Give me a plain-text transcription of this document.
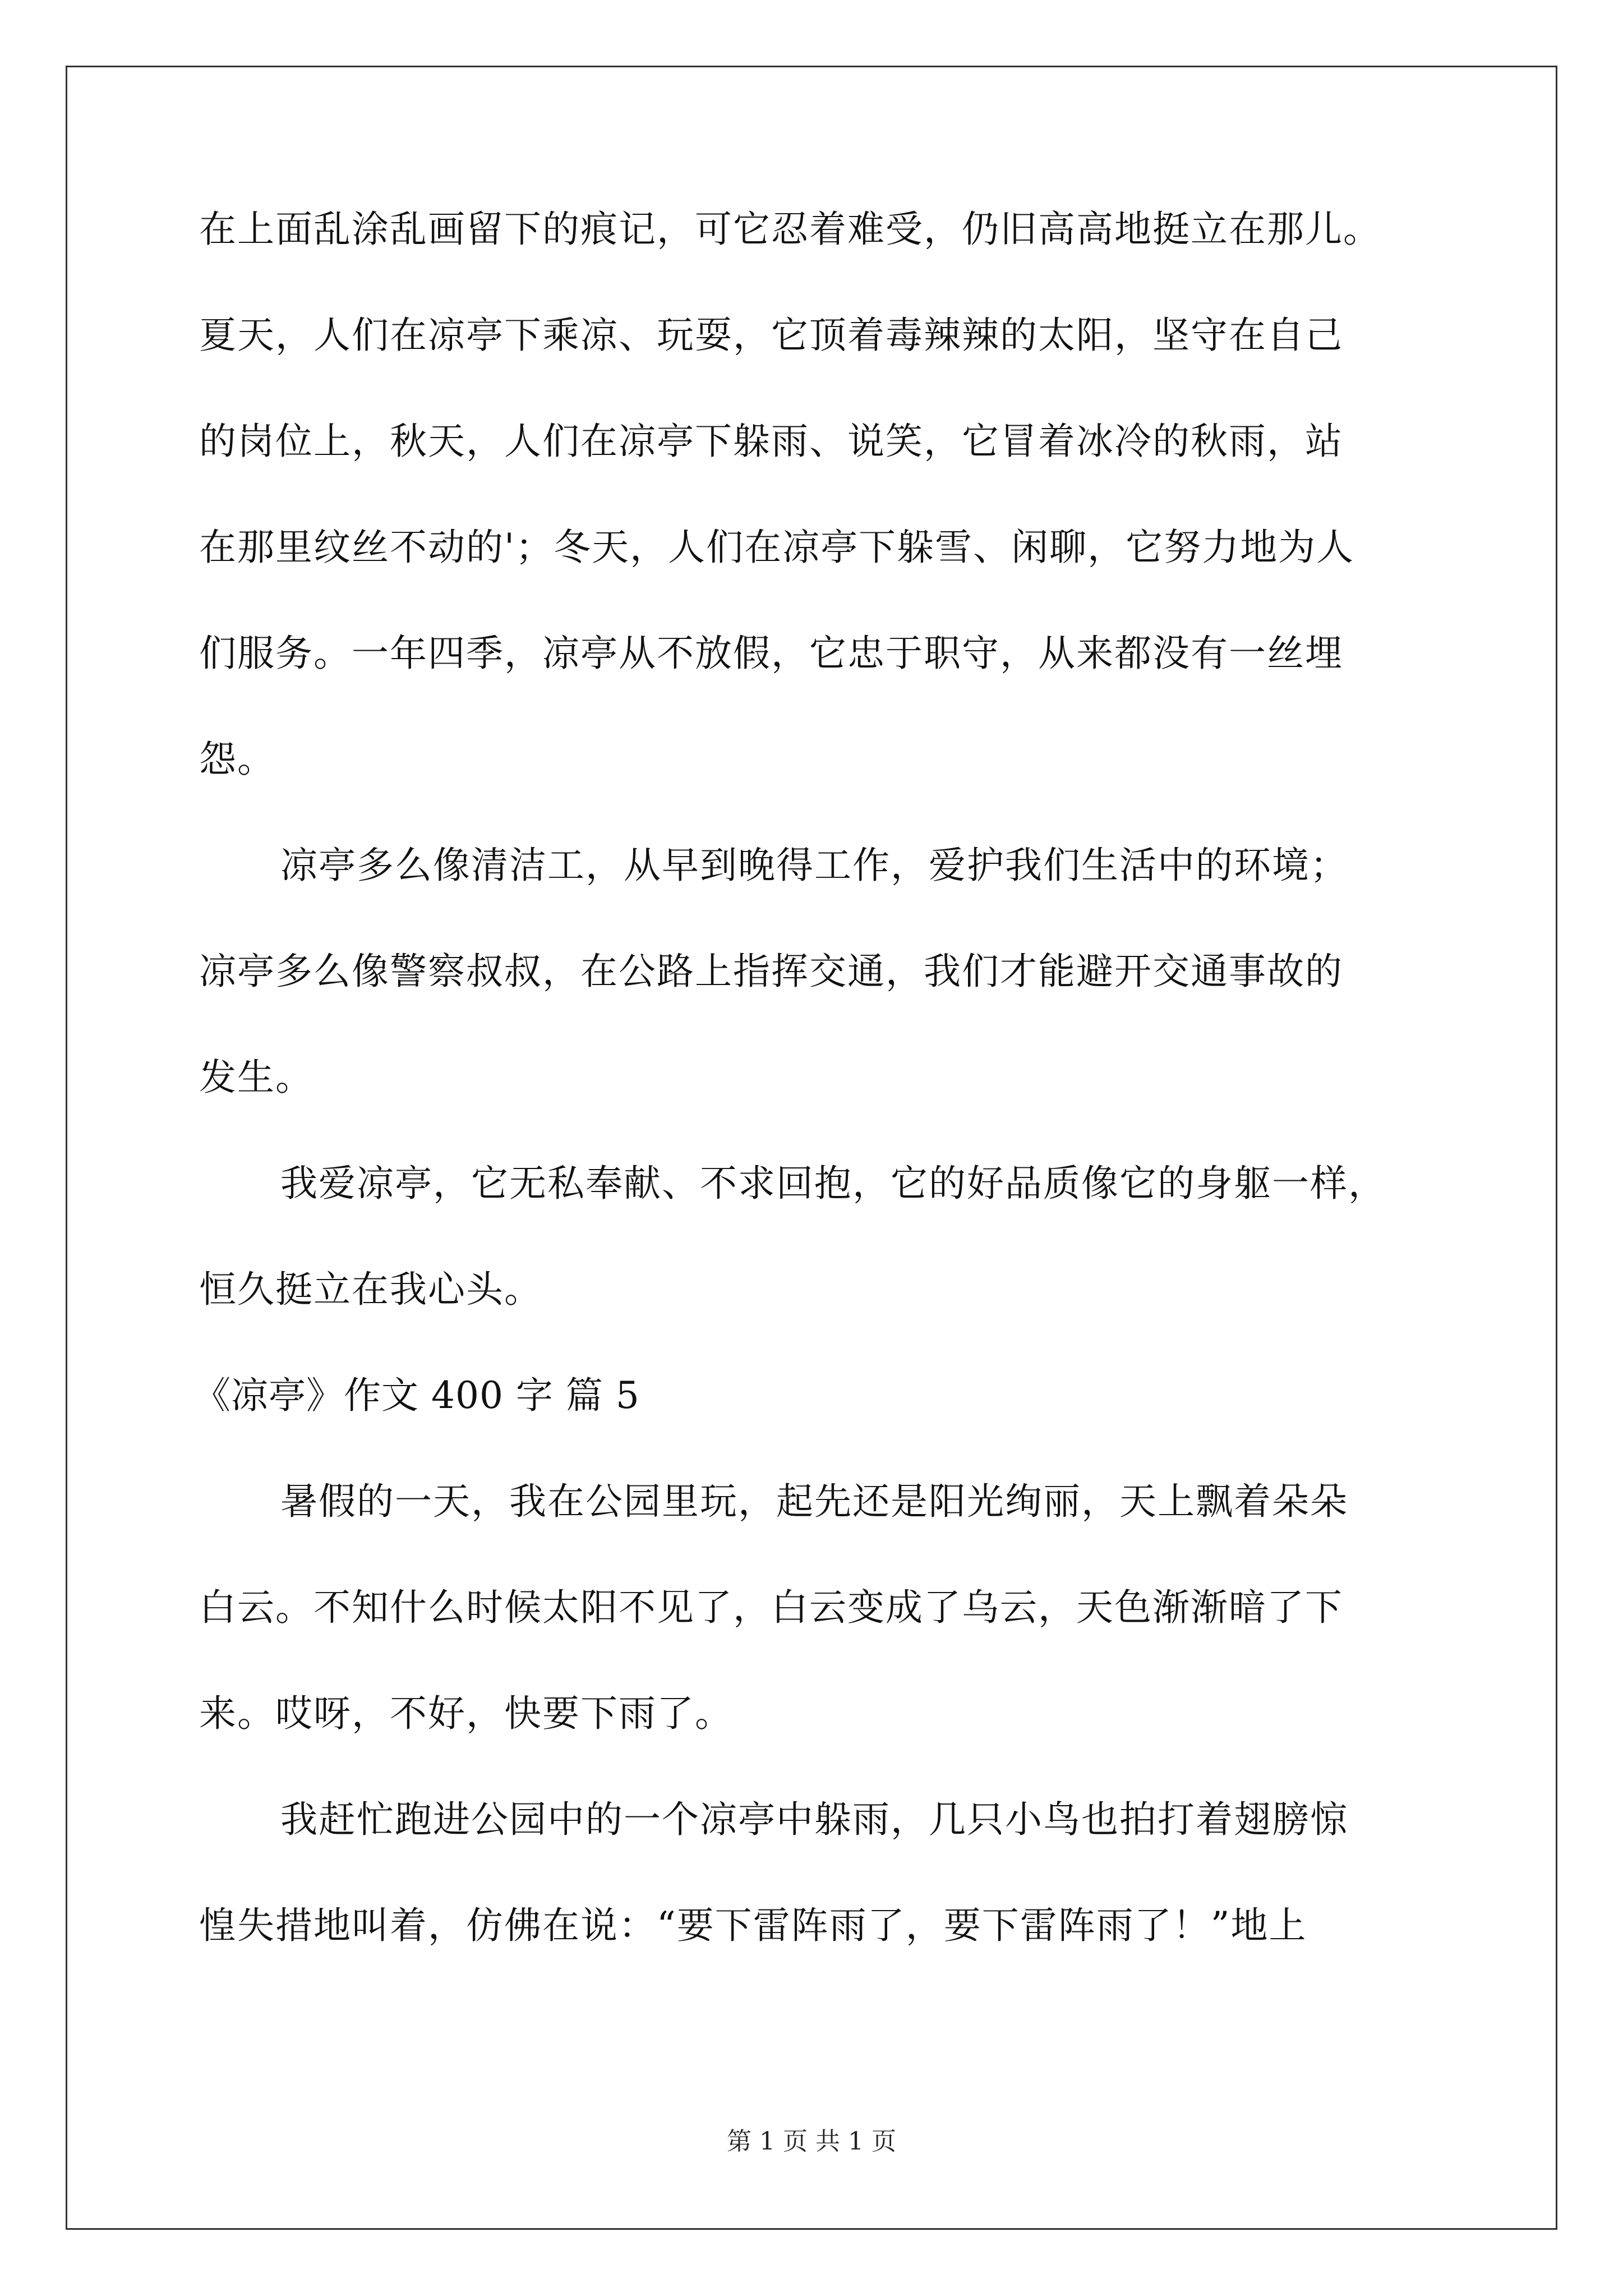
在上面乱涂乱画留下的痕记，可它忍着难受，仍旧高高地挺立在那儿。
夏天，人们在凉亭下乘凉、玩耍，它顶着毒辣辣的太阳，坚守在自己
的岗位上，秋天，人们在凉亭下躲雨、说笑，它冒着冰冷的秋雨，站
在那里纹丝不动的'；冬天，人们在凉亭下躲雪、闲聊，它努力地为人
们服务。一年四季，凉亭从不放假，它忠于职守，从来都没有一丝埋
怨。
凉亭多么像清洁工，从早到晚得工作，爱护我们生活中的环境；
凉亭多么像警察叔叔，在公路上指挥交通，我们才能避开交通事故的
发生。
我爱凉亭，它无私奉献、不求回抱，它的好品质像它的身躯一样，
恒久挺立在我心头。
《凉亭》作文 400 字 篇 5
暑假的一天，我在公园里玩，起先还是阳光绚丽，天上飘着朵朵
白云。不知什么时候太阳不见了，白云变成了乌云，天色渐渐暗了下
来。哎呀，不好，快要下雨了。
我赶忙跑进公园中的一个凉亭中躲雨，几只小鸟也拍打着翅膀惊
惶失措地叫着，仿佛在说：“要下雷阵雨了，要下雷阵雨了！”地上
第 1 页 共 1 页
